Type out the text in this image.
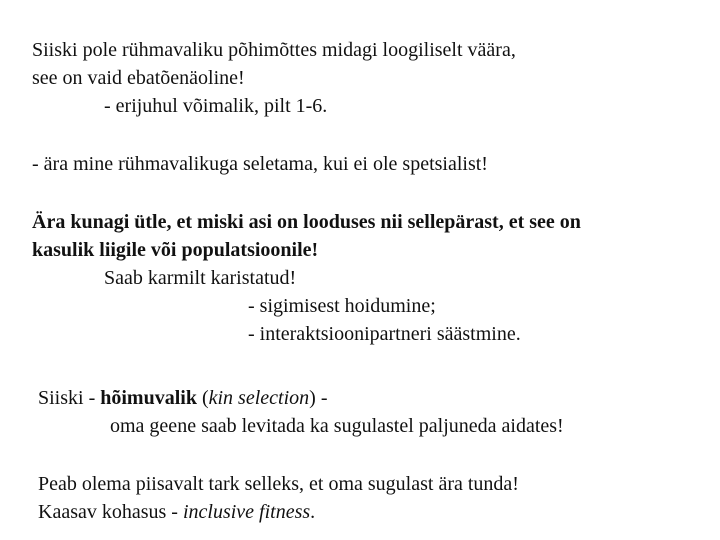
Siiski pole rühmavaliku põhimõttes midagi loogiliselt väära,
see on vaid ebatõenäoline!
- erijuhul võimalik, pilt 1-6.
- ära mine rühmavalikuga seletama, kui ei ole spetsialist!
Ära kunagi ütle, et miski asi on looduses nii sellepärast, et see on
kasulik liigile või populatsioonile!
Saab karmilt karistatud!
- sigimisest hoidumine;
- interaktsioonipartneri säästmine.
Siiski - hõimuvalik (kin selection) -
oma geene saab levitada ka sugulastel paljuneda aidates!
Peab olema piisavalt tark selleks, et oma sugulast ära tunda!
Kaasav kohasus - inclusive fitness.
